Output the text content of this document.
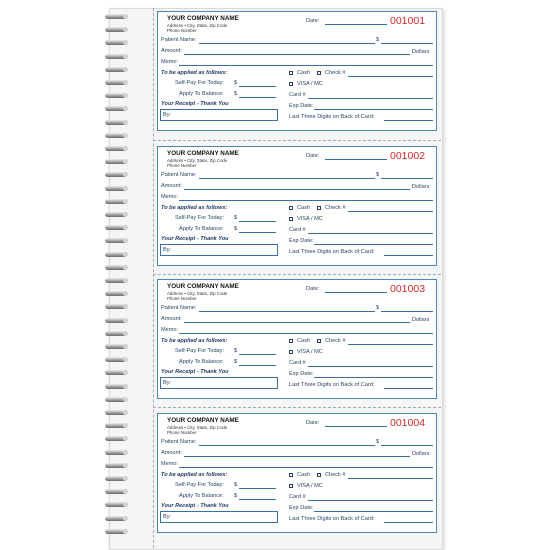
YOUR COMPANY NAME
Address • City, State, Zip Code
Phone Number
Date:	001001
Patient Name:	$
Amount:	Dollars
Memo:
To be applied as follows:
Self-Pay For Today: $
Apply To Balance: $
Your Receipt - Thank You
By:
Cash	Check #
VISA / MC
Card #
Exp Date:
Last Three Digits on Back of Card:
YOUR COMPANY NAME
Address • City, State, Zip Code
Phone Number
Date:	001002
Patient Name:	$
Amount:	Dollars
Memo:
To be applied as follows:
Self-Pay For Today: $
Apply To Balance: $
Your Receipt - Thank You
By:
Cash	Check #
VISA / MC
Card #
Exp Date:
Last Three Digits on Back of Card:
YOUR COMPANY NAME
Address • City, State, Zip Code
Phone Number
Date:	001003
Patient Name:	$
Amount:	Dollars
Memo:
To be applied as follows:
Self-Pay For Today: $
Apply To Balance: $
Your Receipt - Thank You
By:
Cash	Check #
VISA / MC
Card #
Exp Date:
Last Three Digits on Back of Card:
YOUR COMPANY NAME
Address • City, State, Zip Code
Phone Number
Date:	001004
Patient Name:	$
Amount:	Dollars
Memo:
To be applied as follows:
Self-Pay For Today: $
Apply To Balance: $
Your Receipt - Thank You
By:
Cash	Check #
VISA / MC
Card #
Exp Date:
Last Three Digits on Back of Card:
